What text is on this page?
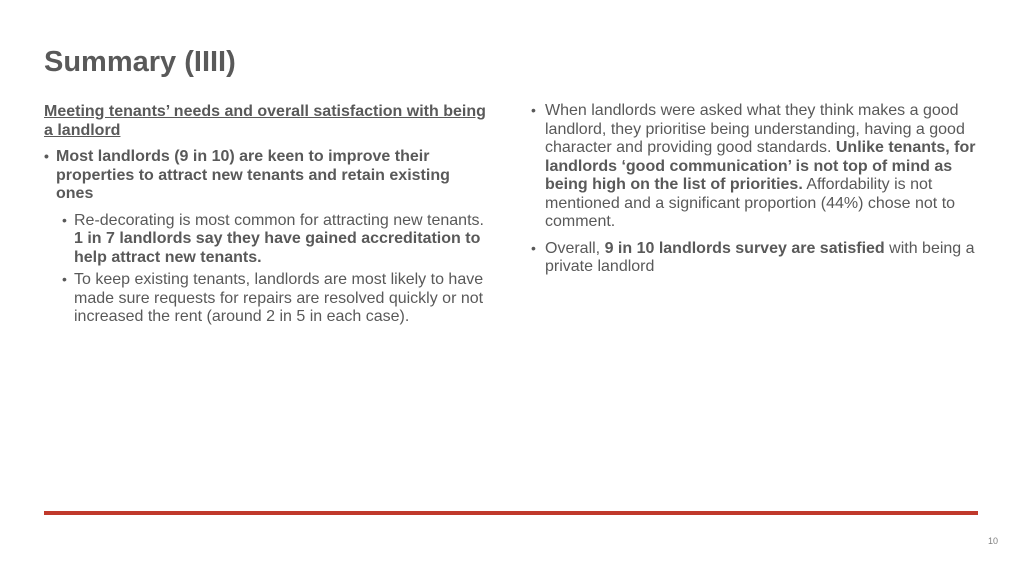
Summary (IIII)

Meeting tenants’ needs and overall satisfaction with being a landlord

• Most landlords (9 in 10) are keen to improve their properties to attract new tenants and retain existing ones
• Re-decorating is most common for attracting new tenants. 1 in 7 landlords say they have gained accreditation to help attract new tenants.
• To keep existing tenants, landlords are most likely to have made sure requests for repairs are resolved quickly or not increased the rent (around 2 in 5 in each case).
• When landlords were asked what they think makes a good landlord, they prioritise being understanding, having a good character and providing good standards. Unlike tenants, for landlords ‘good communication’ is not top of mind as being high on the list of priorities. Affordability is not mentioned and a significant proportion (44%) chose not to comment.
• Overall, 9 in 10 landlords survey are satisfied with being a private landlord
10
